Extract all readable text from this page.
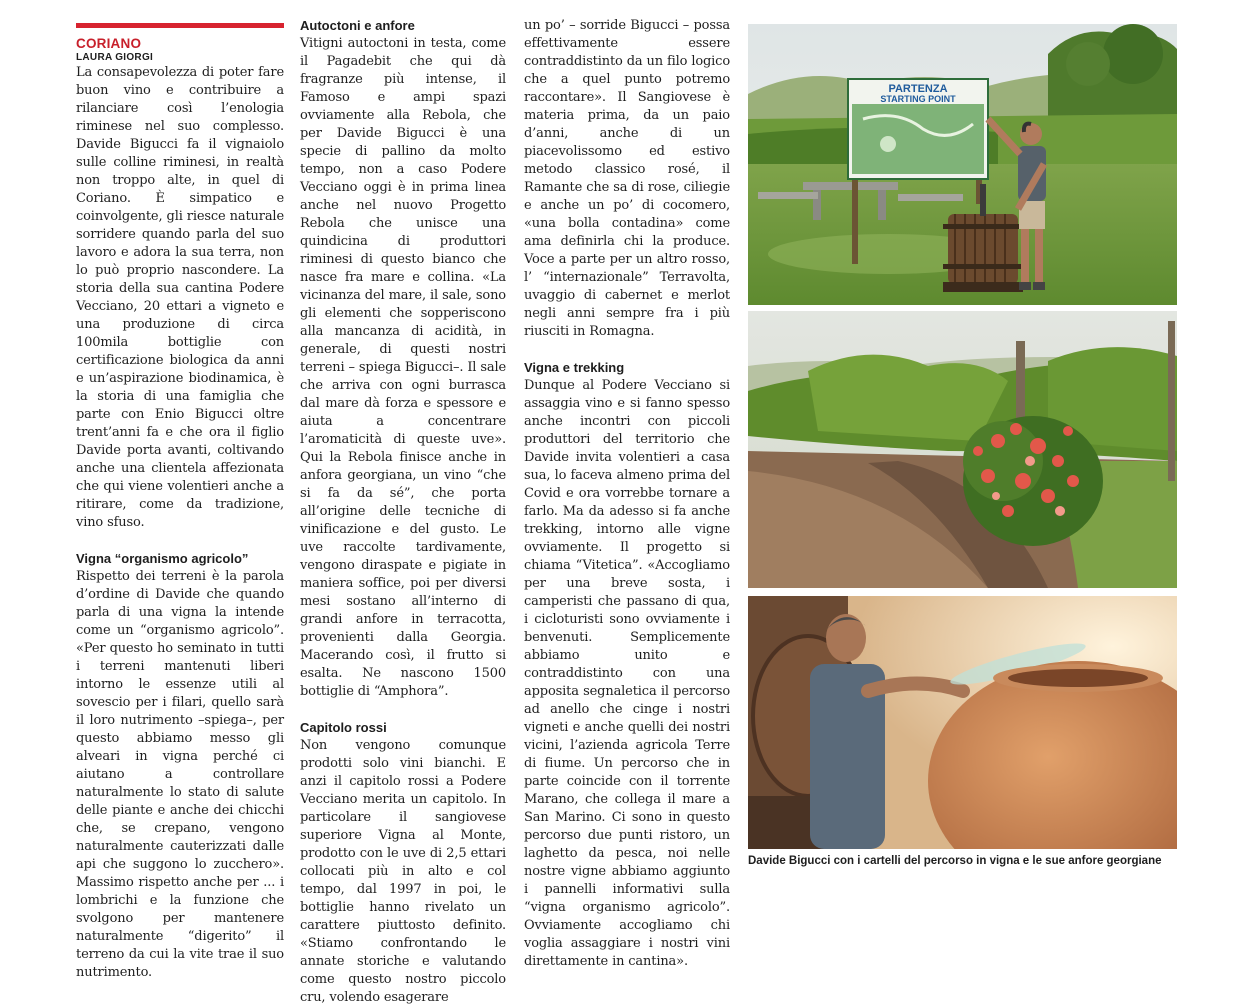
CORIANO
LAURA GIORGI

La consapevolezza di poter fare buon vino e contribuire a rilanciare così l’enologia riminese nel suo complesso. Davide Bigucci fa il vignaiolo sulle colline riminesi, in realtà non troppo alte, in quel di Coriano. È simpatico e coinvolgente, gli riesce naturale sorridere quando parla del suo lavoro e adora la sua terra, non lo può proprio nascondere. La storia della sua cantina Podere Vecciano, 20 ettari a vigneto e una produzione di circa 100mila bottiglie con certificazione biologica da anni e un’aspirazione biodinamica, è la storia di una famiglia che parte con Enio Bigucci oltre trent’anni fa e che ora il figlio Davide porta avanti, coltivando anche una clientela affezionata che qui viene volentieri anche a ritirare, come da tradizione, vino sfuso.

Vigna “organismo agricolo”

Rispetto dei terreni è la parola d’ordine di Davide che quando parla di una vigna la intende come un “organismo agricolo”. «Per questo ho seminato in tutti i terreni mantenuti liberi intorno le essenze utili al sovescio per i filari, quello sarà il loro nutrimento –spiega–, per questo abbiamo messo gli alveari in vigna perché ci aiutano a controllare naturalmente lo stato di salute delle piante e anche dei chicchi che, se crepano, vengono naturalmente cauterizzati dalle api che suggono lo zucchero». Massimo rispetto anche per ... i lombrichi e la funzione che svolgono per mantenere naturalmente “digerito” il terreno da cui la vite trae il suo nutrimento.

Autoctoni e anfore

Vitigni autoctoni in testa, come il Pagadebit che qui dà fragranze più intense, il Famoso e ampi spazi ovviamente alla Rebola, che per Davide Bigucci è una specie di pallino da molto tempo, non a caso Podere Vecciano oggi è in prima linea anche nel nuovo Progetto Rebola che unisce una quindicina di produttori riminesi di questo bianco che nasce fra mare e collina. «La vicinanza del mare, il sale, sono gli elementi che sopperiscono alla mancanza di acidità, in generale, di questi nostri terreni – spiega Bigucci–. Il sale che arriva con ogni burrasca dal mare dà forza e spessore e aiuta a concentrare l’aromaticità di queste uve». Qui la Rebola finisce anche in anfora georgiana, un vino “che si fa da sé”, che porta all’origine delle tecniche di vinificazione e del gusto. Le uve raccolte tardivamente, vengono diraspate e pigiate in maniera soffice, poi per diversi mesi sostano all’interno di grandi anfore in terracotta, provenienti dalla Georgia. Macerando così, il frutto si esalta. Ne nascono 1500 bottiglie di “Amphora”.

Capitolo rossi

Non vengono comunque prodotti solo vini bianchi. E anzi il capitolo rossi a Podere Vecciano merita un capitolo. In particolare il sangiovese superiore Vigna al Monte, prodotto con le uve di 2,5 ettari collocati più in alto e col tempo, dal 1997 in poi, le bottiglie hanno rivelato un carattere piuttosto definito. «Stiamo confrontando le annate storiche e valutando come questo nostro piccolo cru, volendo esagerare

un po’ – sorride Bigucci – possa effettivamente essere contraddistinto da un filo logico che a quel punto potremo raccontare». Il Sangiovese è materia prima, da un paio d’anni, anche di un piacevolissomo ed estivo metodo classico rosé, il Ramante che sa di rose, ciliegie e anche un po’ di cocomero, «una bolla contadina» come ama definirla chi la produce. Voce a parte per un altro rosso, l’ “internazionale” Terravolta, uvaggio di cabernet e merlot negli anni sempre fra i più riusciti in Romagna.

Vigna e trekking

Dunque al Podere Vecciano si assaggia vino e si fanno spesso anche incontri con piccoli produttori del territorio che Davide invita volentieri a casa sua, lo faceva almeno prima del Covid e ora vorrebbe tornare a farlo. Ma da adesso si fa anche trekking, intorno alle vigne ovviamente. Il progetto si chiama “Vitetica”. «Accogliamo per una breve sosta, i camperisti che passano di qua, i cicloturisti sono ovviamente i benvenuti. Semplicemente abbiamo unito e contraddistinto con una apposita segnaletica il percorso ad anello che cinge i nostri vigneti e anche quelli dei nostri vicini, l’azienda agricola Terre di fiume. Un percorso che in parte coincide con il torrente Marano, che collega il mare a San Marino. Ci sono in questo percorso due punti ristoro, un laghetto da pesca, noi nelle nostre vigne abbiamo aggiunto i pannelli informativi sulla “vigna organismo agricolo”. Ovviamente accogliamo chi voglia assaggiare i nostri vini direttamente in cantina».

PARTENZA
STARTING POINT
Davide Bigucci con i cartelli del percorso in vigna e le sue anfore georgiane
